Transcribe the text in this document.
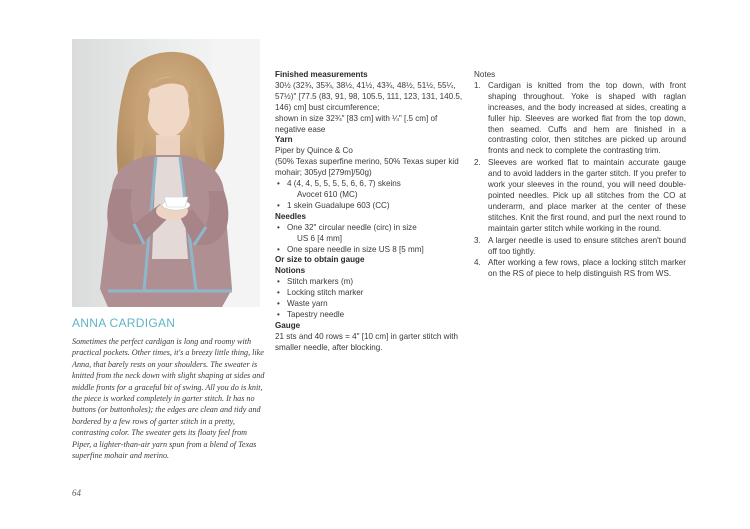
ANNA CARDIGAN

Sometimes the perfect cardigan is long and roomy with practical pockets. Other times, it's a breezy little thing, like Anna, that barely rests on your shoulders. The sweater is knitted from the neck down with slight shaping at sides and middle fronts for a graceful bit of swing. All you do is knit, the piece is worked completely in garter stitch. It has no buttons (or buttonholes); the edges are clean and tidy and bordered by a few rows of garter stitch in a pretty, contrasting color. The sweater gets its floaty feel from Piper, a lighter-than-air yarn spun from a blend of Texas superfine mohair and merino.

64
Finished measurements

30½ (32¾, 35¾, 38½, 41½, 43¾, 48½, 51½, 55¼, 57½)" [77.5 (83, 91, 98, 105.5, 111, 123, 131, 140.5, 146) cm] bust circumference;

shown in size 32¾" [83 cm] with ¼" [.5 cm] of negative ease

Yarn

Piper by Quince & Co

(50% Texas superfine merino, 50% Texas super kid mohair; 305yd [279m]/50g)

• 4 (4, 4, 5, 5, 5, 5, 6, 6, 7) skeins
Avocet 610 (MC)
• 1 skein Guadalupe 603 (CC)
Needles
• One 32" circular needle (circ) in size
US 6 [4 mm]
• One spare needle in size US 8 [5 mm]
Or size to obtain gauge
Notions
• Stitch markers (m)
• Locking stitch marker
• Waste yarn
• Tapestry needle
Gauge

21 sts and 40 rows = 4" [10 cm] in garter stitch with smaller needle, after blocking.

Notes
1. Cardigan is knitted from the top down, with front shaping throughout. Yoke is shaped with raglan increases, and the body increased at sides, creating a fuller hip. Sleeves are worked flat from the top down, then seamed. Cuffs and hem are finished in a contrasting color, then stitches are picked up around fronts and neck to complete the contrasting trim.
2. Sleeves are worked flat to maintain accurate gauge and to avoid ladders in the garter stitch. If you prefer to work your sleeves in the round, you will need double-pointed needles. Pick up all stitches from the CO at underarm, and place marker at the center of these stitches. Knit the first round, and purl the next round to maintain garter stitch while working in the round.
3. A larger needle is used to ensure stitches aren't bound off too tightly.
4. After working a few rows, place a locking stitch marker on the RS of piece to help distinguish RS from WS.
